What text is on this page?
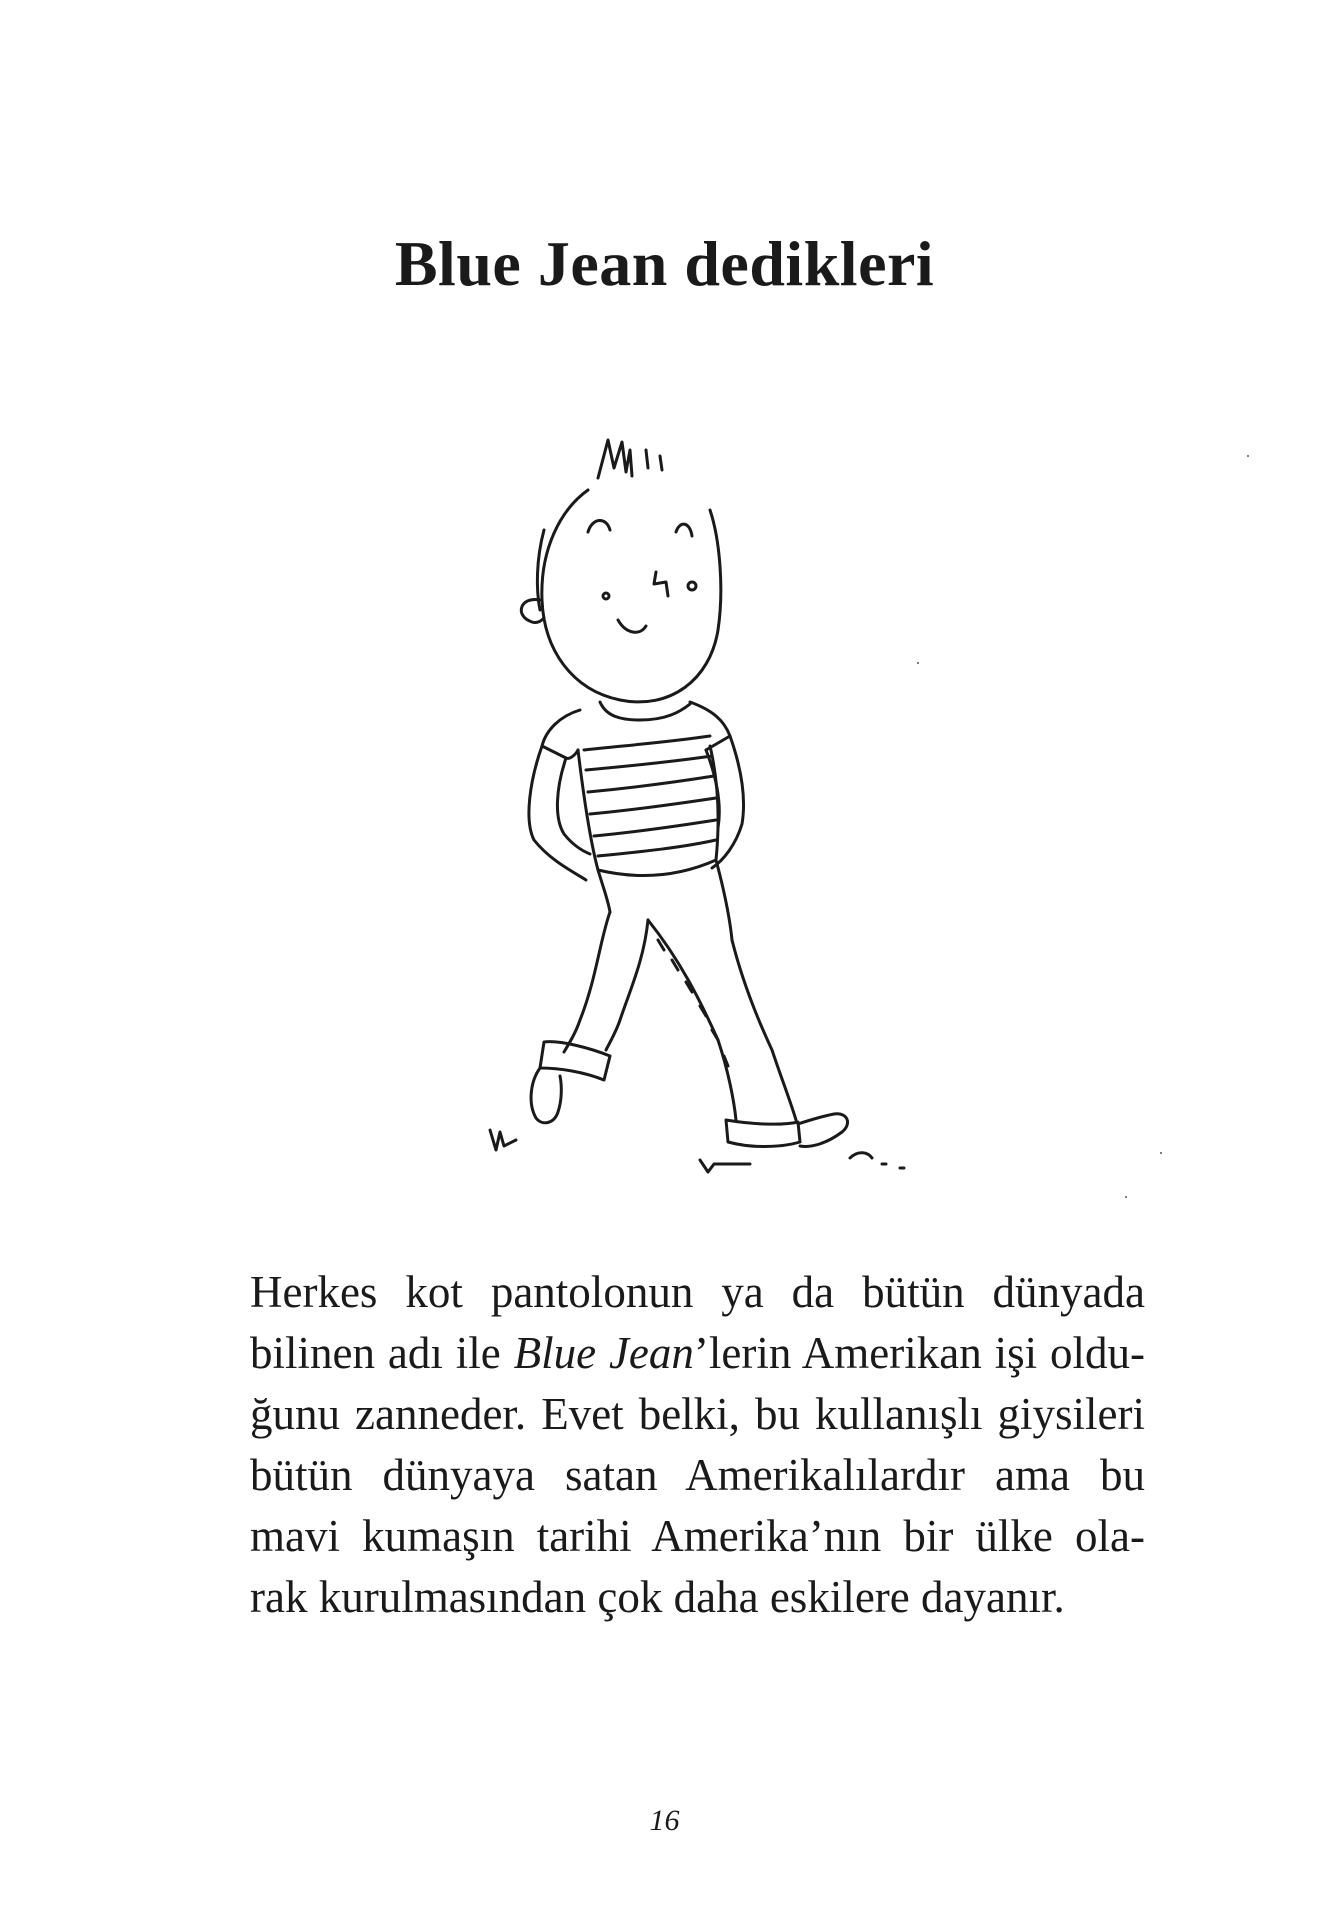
Blue Jean dedikleri
Herkes kot pantolonun ya da bütün dünyada
bilinen adı ile Blue Jean’lerin Amerikan işi oldu-
ğunu zanneder. Evet belki, bu kullanışlı giysileri
bütün dünyaya satan Amerikalılardır ama bu
mavi kumaşın tarihi Amerika’nın bir ülke ola-
rak kurulmasından çok daha eskilere dayanır.

16
